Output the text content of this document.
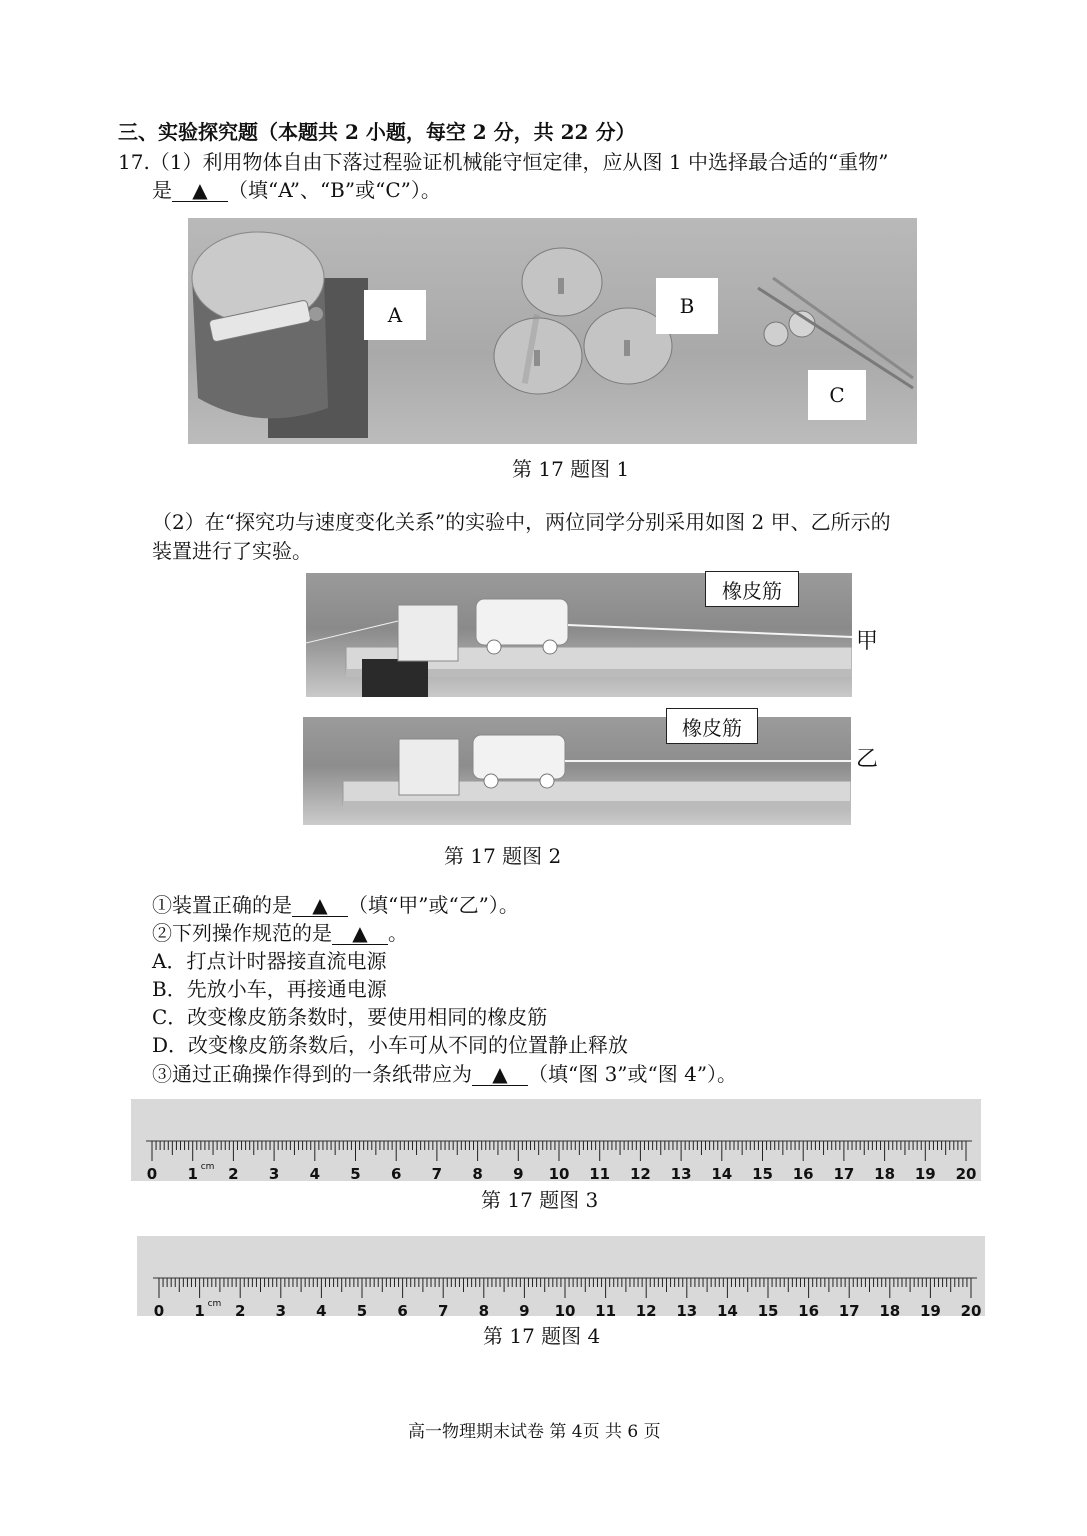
三、实验探究题（本题共 2 小题，每空 2 分，共 22 分）
17.（1）利用物体自由下落过程验证机械能守恒定律，应从图 1 中选择最合适的“重物”
是 ▲ （填“A”、“B”或“C”）。
A	B
C
第 17 题图 1
（2）在“探究功与速度变化关系”的实验中，两位同学分别采用如图 2 甲、乙所示的
装置进行了实验。
橡皮筋
甲
橡皮筋
乙
第 17 题图 2
①装置正确的是 ▲ （填“甲”或“乙”）。
②下列操作规范的是 ▲ 。
A．打点计时器接直流电源
B．先放小车，再接通电源
C．改变橡皮筋条数时，要使用相同的橡皮筋
D．改变橡皮筋条数后，小车可从不同的位置静止释放
③通过正确操作得到的一条纸带应为 ▲ （填“图 3”或“图 4”）。
0 1 2 3 4 5 6 7 8 9 10 11 12 13 14 15 16 17 18 19 20
cm
第 17 题图 3
0 1 2 3 4 5 6 7 8 9 10 11 12 13 14 15 16 17 18 19 20
cm
第 17 题图 4
高一物理期末试卷 第 4页 共 6 页
